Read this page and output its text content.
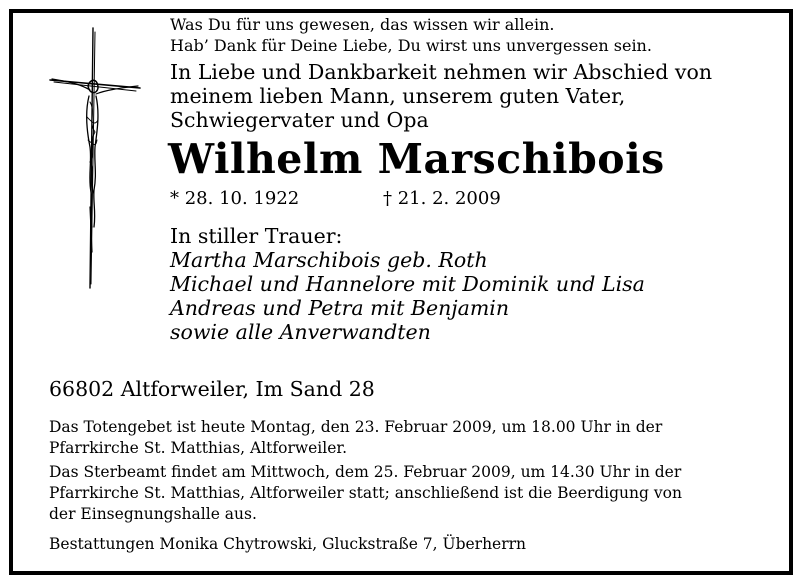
Was Du für uns gewesen, das wissen wir allein.
Hab’ Dank für Deine Liebe, Du wirst uns unvergessen sein.

In Liebe und Dankbarkeit nehmen wir Abschied von
meinem lieben Mann, unserem guten Vater,
Schwiegervater und Opa

Wilhelm Marschibois
* 28. 10. 1922	† 21. 2. 2009
In stiller Trauer:
Martha Marschibois geb. Roth
Michael und Hannelore mit Dominik und Lisa
Andreas und Petra mit Benjamin
sowie alle Anverwandten
66802 Altforweiler, Im Sand 28
Das Totengebet ist heute Montag, den 23. Februar 2009, um 18.00 Uhr in der
Pfarrkirche St. Matthias, Altforweiler.
Das Sterbeamt findet am Mittwoch, dem 25. Februar 2009, um 14.30 Uhr in der
Pfarrkirche St. Matthias, Altforweiler statt; anschließend ist die Beerdigung von
der Einsegnungshalle aus.
Bestattungen Monika Chytrowski, Gluckstraße 7, Überherrn
